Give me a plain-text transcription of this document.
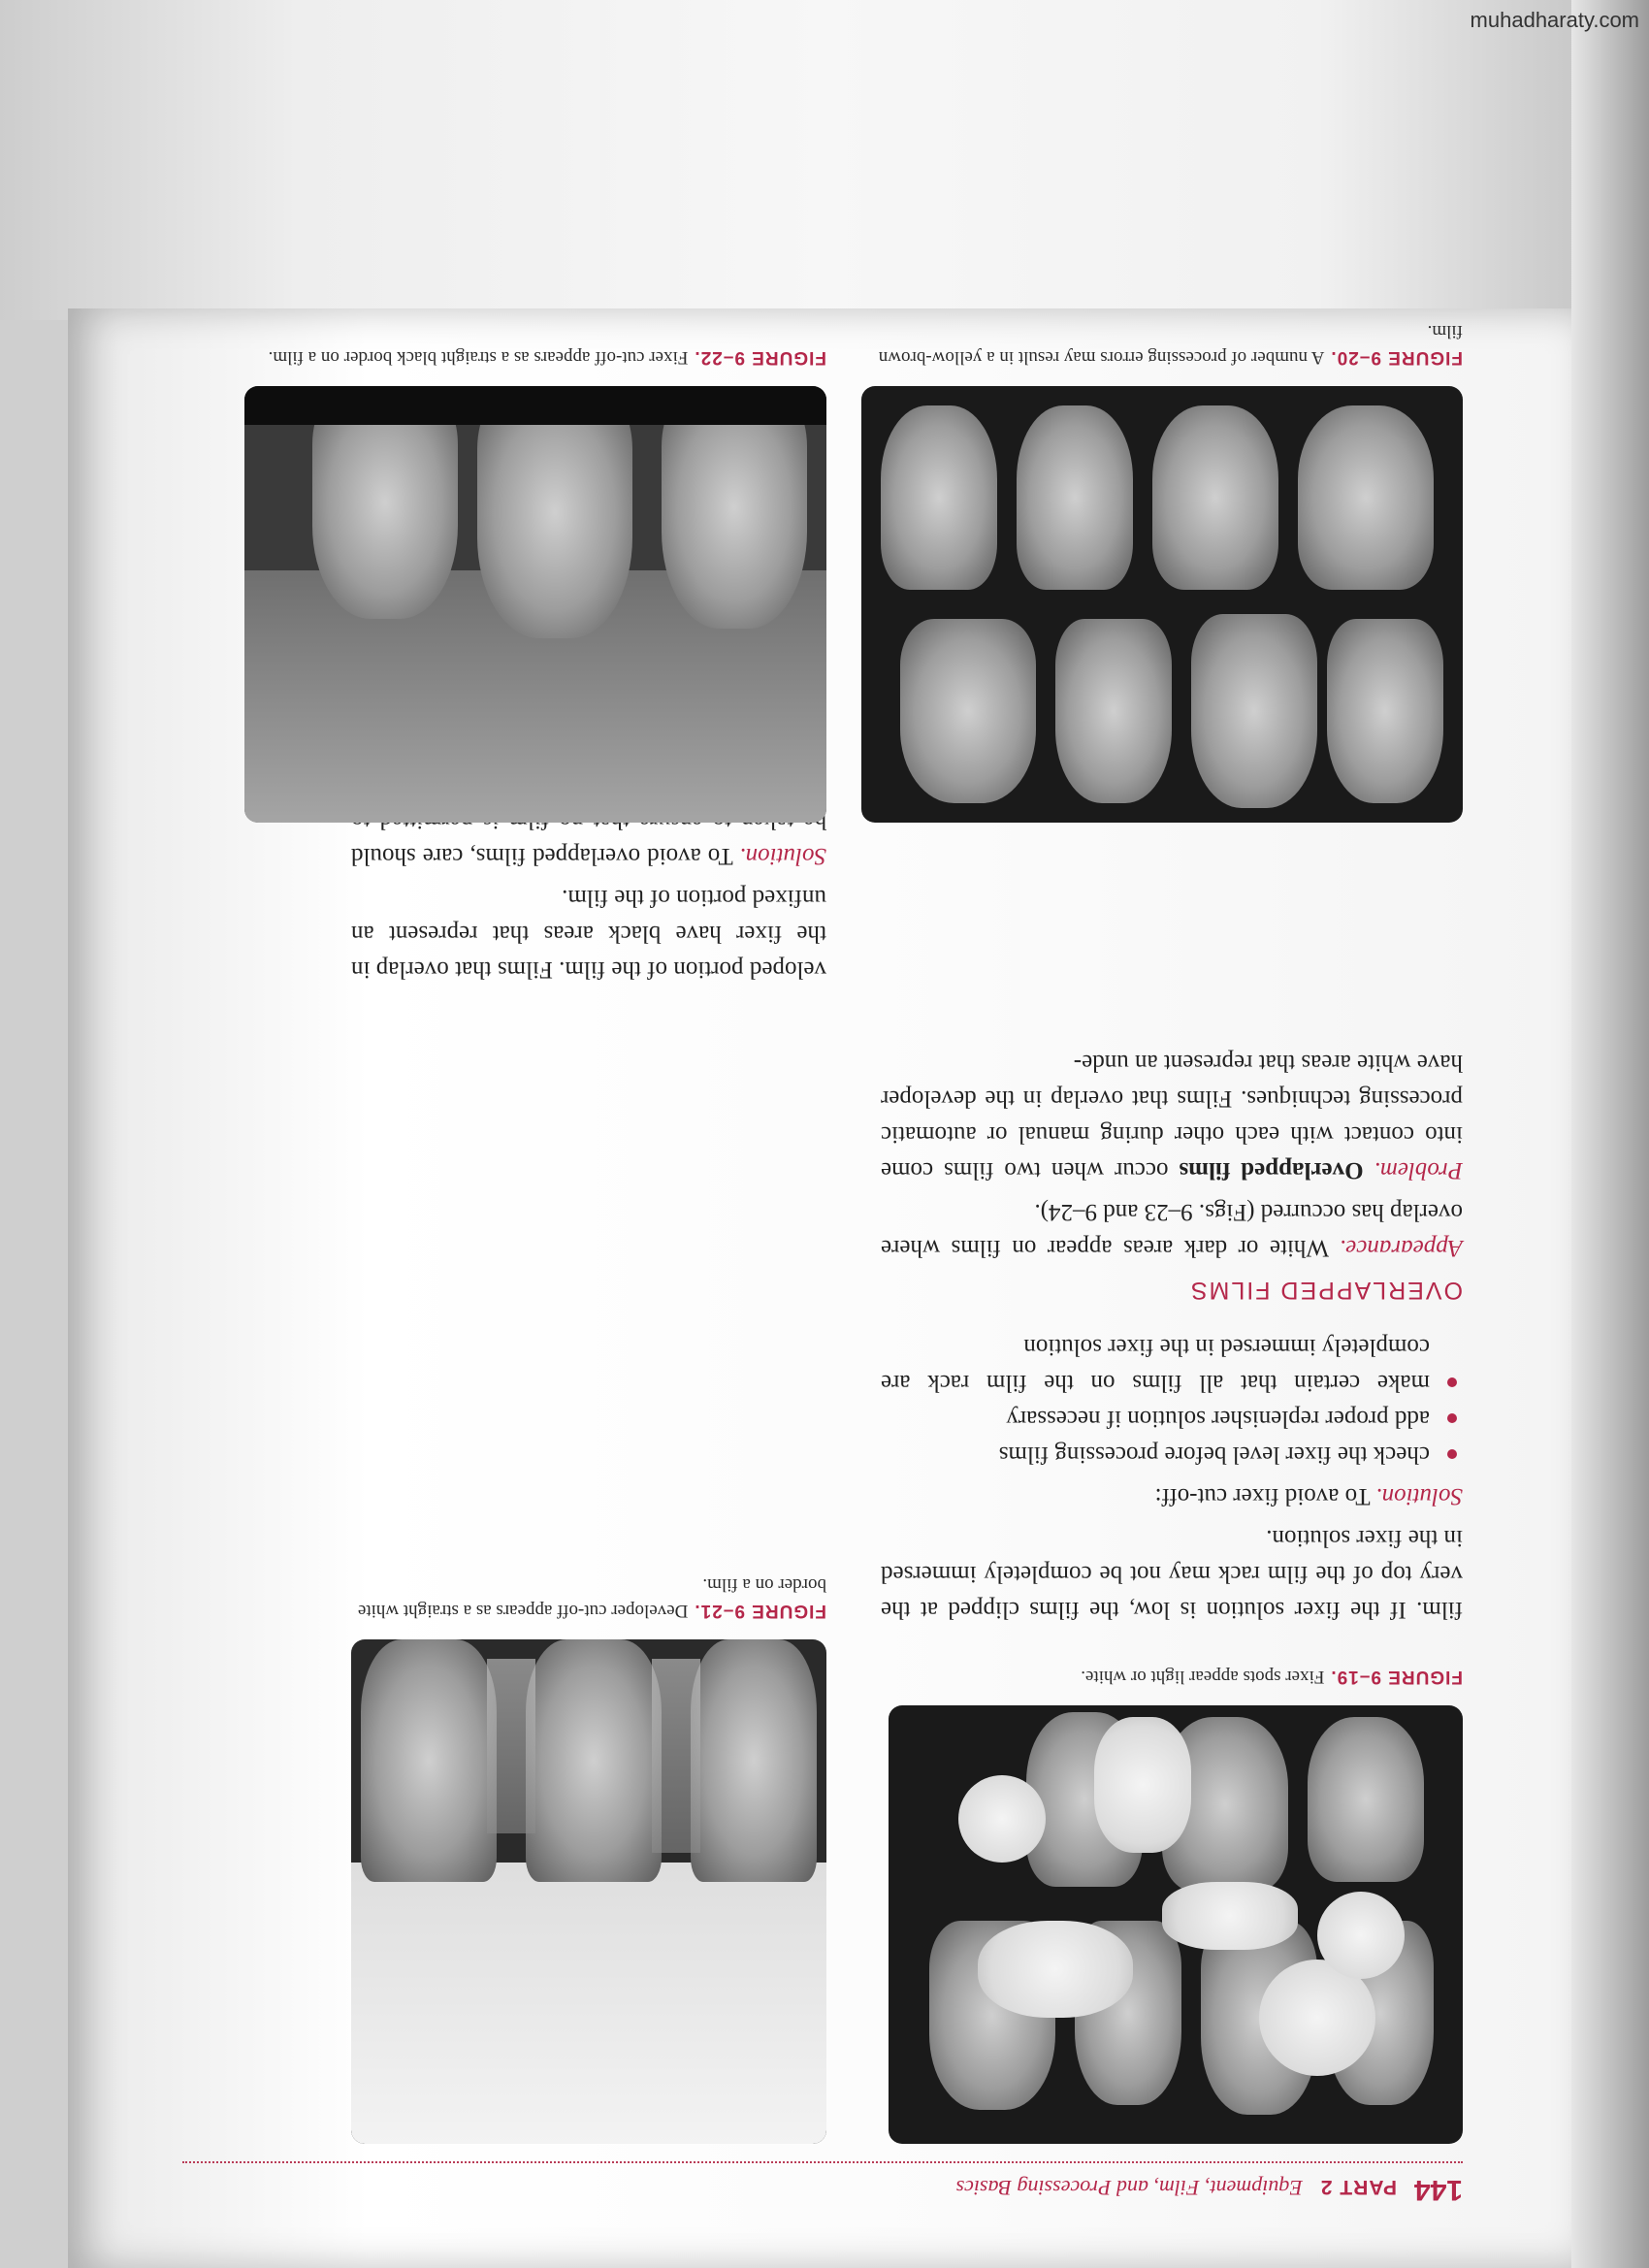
muhadharaty.com
144
PART 2
Equipment, Film, and Processing Basics
FIGURE 9–19.Fixer spots appear light or white.
FIGURE 9–21.Developer cut-off appears as a straight white border on a film.

film. If the fixer solution is low, the films clipped at the very top of the film rack may not be completely immersed in the fixer solution.

Solution. To avoid fixer cut-off:

check the fixer level before processing films
add proper replenisher solution if necessary
make certain that all films on the film rack are completely immersed in the fixer solution
OVERLAPPED FILMS

Appearance. White or dark areas appear on films where overlap has occurred (Figs. 9–23 and 9–24).

Problem. Overlapped films occur when two films come into contact with each other during manual or automatic processing techniques. Films that overlap in the developer have white areas that represent an unde-

veloped portion of the film. Films that overlap in the fixer have black areas that represent an unfixed portion of the film.

Solution. To avoid overlapped films, care should

FIGURE 9–20.A number of processing errors may result in a yellow-brown film.
FIGURE 9–22.Fixer cut-off appears as a straight black border on a film.
